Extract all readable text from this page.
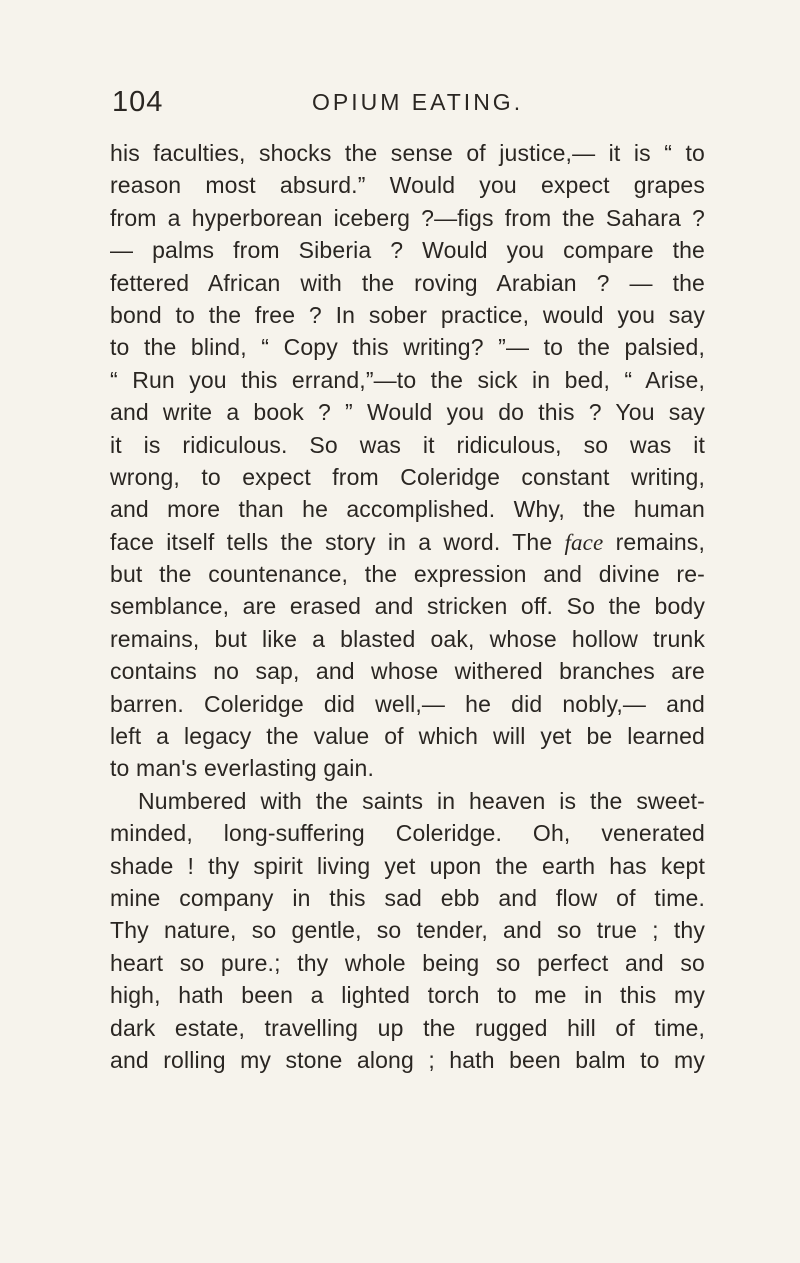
104	OPIUM EATING.
his faculties, shocks the sense of justice,— it is “ to
reason most absurd.” Would you expect grapes
from a hyperborean iceberg ?—figs from the Sahara ?
— palms from Siberia ? Would you compare the
fettered African with the roving Arabian ? — the
bond to the free ? In sober practice, would you say
to the blind, “ Copy this writing? ”— to the palsied,
“ Run you this errand,”—to the sick in bed, “ Arise,
and write a book ? ” Would you do this ? You say
it is ridiculous. So was it ridiculous, so was it
wrong, to expect from Coleridge constant writing,
and more than he accomplished. Why, the human
face itself tells the story in a word. The face remains,
but the countenance, the expression and divine re-
semblance, are erased and stricken off. So the body
remains, but like a blasted oak, whose hollow trunk
contains no sap, and whose withered branches are
barren. Coleridge did well,— he did nobly,— and
left a legacy the value of which will yet be learned
to man's everlasting gain.
Numbered with the saints in heaven is the sweet-
minded, long-suffering Coleridge. Oh, venerated
shade ! thy spirit living yet upon the earth has kept
mine company in this sad ebb and flow of time.
Thy nature, so gentle, so tender, and so true ; thy
heart so pure.; thy whole being so perfect and so
high, hath been a lighted torch to me in this my
dark estate, travelling up the rugged hill of time,
and rolling my stone along ; hath been balm to my
